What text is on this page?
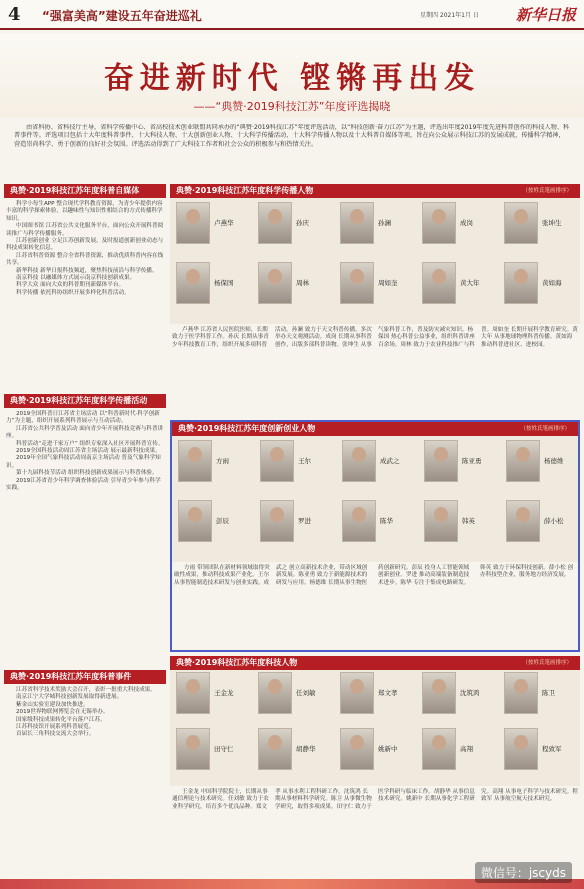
4 “强富美高”建设五年奋进巡礼	星期四 2021年1月 日 新华日报
奋进新时代 铿锵再出发
——“典赞·2019科技江苏”年度评选揭晓
由省科协、省科技厅主导，省科学传播中心、省高校技术创业联盟共同承办的“典赞·2019科技江苏”年度评选活动，以“科技创新·奋力江苏”为主题，评选出年度2019年度先进科普创作的科技人物、科普事件等。评选项目包括十大年度科普事件、十大科技人物、十大创新创业人物、十大科学传播活动、十大科学传播人物以及十大科普自媒体等项，旨在向公众展示科技江苏的发展成就，传播科学精神，营造崇尚科学、勇于创新的良好社会氛围。评选活动得到了广大科技工作者和社会公众的积极参与和热情关注。
典赞·2019科技江苏年度科普自媒体
科学小每生APP 整合现代学科教育资源，为青少年提供内容丰富的科学探索体验，以趣味性与知识性相结合的方式传播科学知识。
中国图书馆 江苏省公共文化服务平台，面向公众开展科普阅读推广与科学传播服务。
江苏创新创业 立足江苏创新发展，及时报道创新创业动态与科技成果转化信息。
江苏省科普资源 整合全省科普资源，推动优质科普内容在线共享。
新华科技 新华日报科技频道，聚焦科技前沿与科学传播。
南京科技 以融媒体方式展示南京科技创新成果。
科学大众 面向大众的科普期刊新媒体平台。
科学传播 依托科协组织开展多样化科普活动。
典赞·2019科技江苏年度科学传播活动
2019全国科普日江苏省主场活动 以“科普新时代·科学创新力”为主题，组织开展系列科普展示与互动活动。
江苏省公共科学普及活动 面向青少年开展科技竞赛与科普讲座。
科普活动“走进千家万户” 组织专家深入社区开展科普宣传。
2019全国科技活动周江苏省主场活动 展示最新科技成果。
2019年全国气象科技活动周南京主场活动 普及气象科学知识。
第十九届科技节活动 组织科技创新成果展示与科普体验。
2019江苏省青少年科学调查体验活动 引导青少年参与科学实践。
典赞·2019科技江苏年度科普事件
江苏省科学技术奖励大会召开，表彰一批重大科技成果。
南京江宁大学城科技创新发展取得新进展。
紫金山实验室建设加快推进。
2019世界物联网博览会在无锡举办。
国家级科技成果转化平台落户江苏。
江苏科技馆开展系列科普展览。
首届长三角科技交流大会举行。
典赞·2019科技江苏年度科学传播人物	（按姓氏笔画排序）
卢燕华	孙庆	孙澜	成岗	张坤生
杨保国	周林	周如奎	黄大年	黄如海
卢燕华 江苏省人民医院医师，长期致力于医学科普工作。孙庆 长期从事青少年科技教育工作，组织开展多项科普活动。孙澜 致力于天文科普传播，多次举办天文观测活动。成岗 长期从事科普创作，出版多部科普读物。张坤生 从事气象科普工作，普及防灾减灾知识。杨保国 热心科普公益事业，组织科普讲座百余场。周林 致力于农业科技推广与科普。周如奎 长期开展科学教育研究。黄大年 从事地球物理科普传播。黄如海 推动科普进社区、进校园。
典赞·2019科技江苏年度创新创业人物	（按姓氏笔画排序）
方雨	王尔	成武之	陈亚勇	杨德维
彭辰	罗进	陈华	韩英	薛小松
方雨 带领团队在新材料领域取得突破性成果，推动科技成果产业化。王尔 从事智能制造技术研发与创业实践。成武之 创立高新技术企业，带动区域创新发展。陈亚勇 致力于新能源技术的研发与应用。杨德维 长期从事生物医药创新研究。彭辰 投身人工智能领域创新创业。罗进 推动高端装备制造技术进步。陈华 专注于集成电路研发。韩英 致力于环保科技创新。薛小松 创办科技型企业，服务地方经济发展。
典赞·2019科技江苏年度科技人物	（按姓氏笔画排序）
王金龙	任刘敏	郑文孝	沈筑鸿	陈卫
田守仁	胡静华	姚新中	高翔	程致军
王金龙 中国科学院院士，长期从事通信理论与技术研究。任刘敏 致力于农业科学研究，培育多个优良品种。郑文孝 从事水利工程科研工作。沈筑鸿 长期从事材料科学研究。陈卫 从事微生物学研究，取得多项成果。田守仁 致力于医学科研与临床工作。胡静华 从事信息技术研究。姚新中 长期从事化学工程研究。高翔 从事电子科学与技术研究。程致军 从事航空航天技术研究。
微信号：jscyds
